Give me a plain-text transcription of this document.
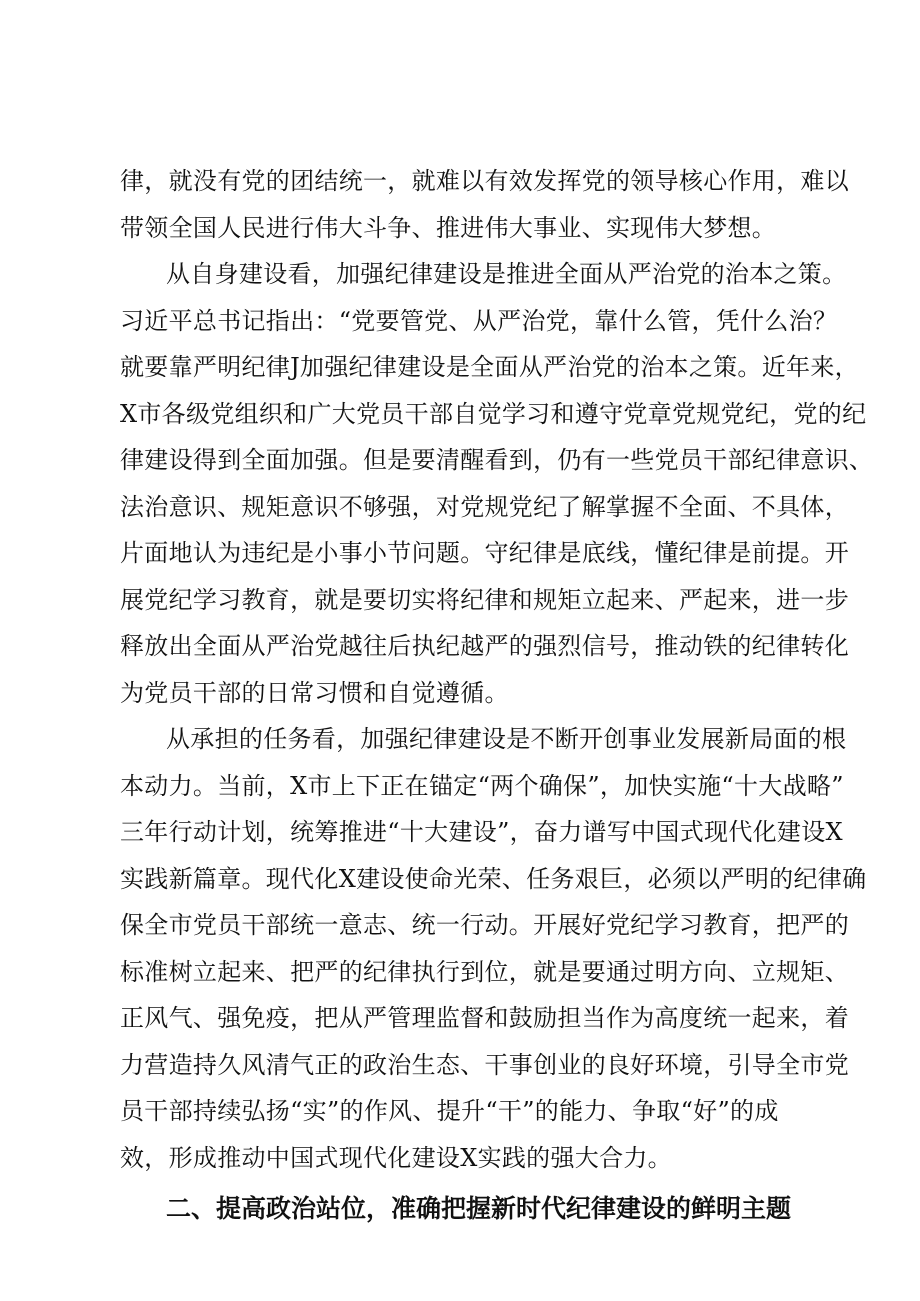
律，就没有党的团结统一，就难以有效发挥党的领导核心作用，难以
带领全国人民进行伟大斗争、推进伟大事业、实现伟大梦想。
从自身建设看，加强纪律建设是推进全面从严治党的治本之策。
习近平总书记指出：“党要管党、从严治党，靠什么管，凭什么治？
就要靠严明纪律J加强纪律建设是全面从严治党的治本之策。近年来，
X市各级党组织和广大党员干部自觉学习和遵守党章党规党纪，党的纪
律建设得到全面加强。但是要清醒看到，仍有一些党员干部纪律意识、
法治意识、规矩意识不够强，对党规党纪了解掌握不全面、不具体，
片面地认为违纪是小事小节问题。守纪律是底线，懂纪律是前提。开
展党纪学习教育，就是要切实将纪律和规矩立起来、严起来，进一步
释放出全面从严治党越往后执纪越严的强烈信号，推动铁的纪律转化
为党员干部的日常习惯和自觉遵循。
从承担的任务看，加强纪律建设是不断开创事业发展新局面的根
本动力。当前，X市上下正在锚定“两个确保”，加快实施“十大战略”
三年行动计划，统筹推进“十大建设”，奋力谱写中国式现代化建设X
实践新篇章。现代化X建设使命光荣、任务艰巨，必须以严明的纪律确
保全市党员干部统一意志、统一行动。开展好党纪学习教育，把严的
标准树立起来、把严的纪律执行到位，就是要通过明方向、立规矩、
正风气、强免疫，把从严管理监督和鼓励担当作为高度统一起来，着
力营造持久风清气正的政治生态、干事创业的良好环境，引导全市党
员干部持续弘扬“实”的作风、提升“干”的能力、争取“好”的成
效，形成推动中国式现代化建设X实践的强大合力。
二、提高政治站位，准确把握新时代纪律建设的鲜明主题
